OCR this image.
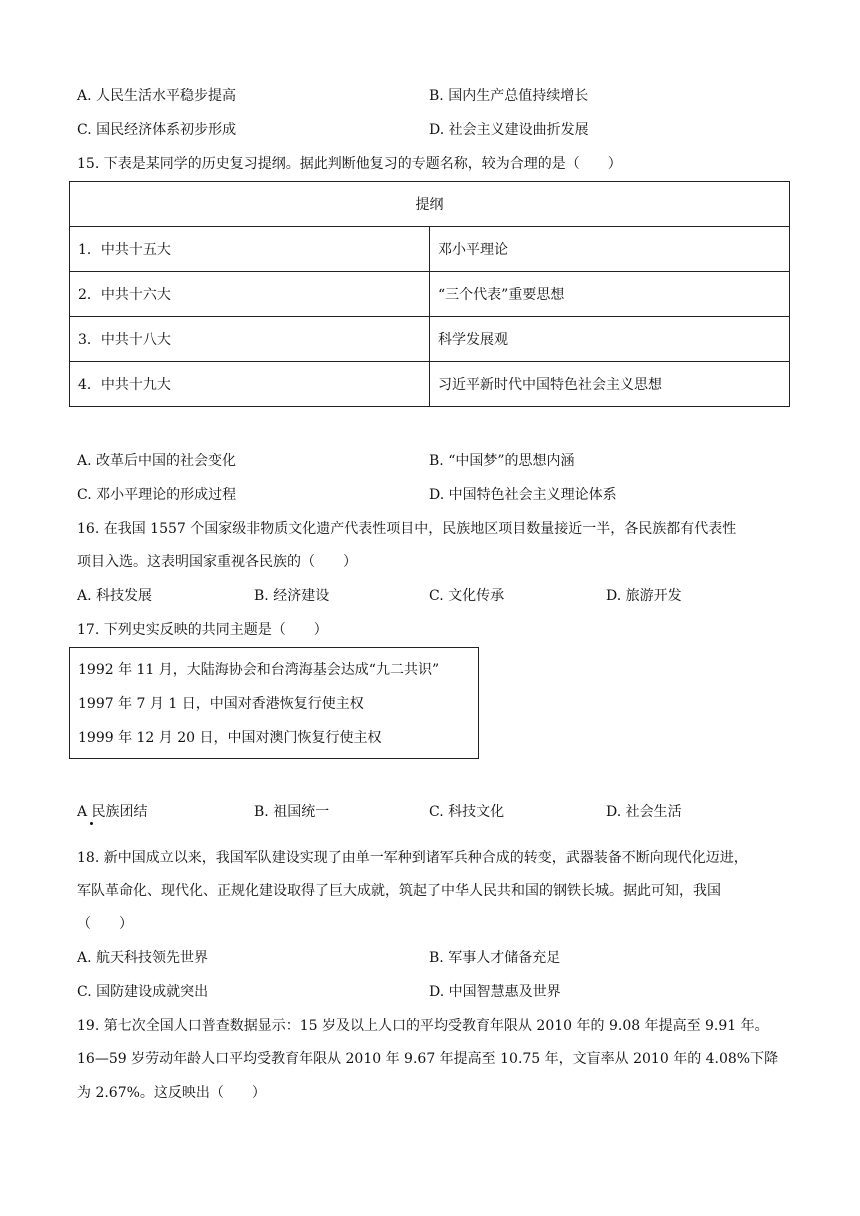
A. 人民生活水平稳步提高	B. 国内生产总值持续增长
C. 国民经济体系初步形成	D. 社会主义建设曲折发展
15. 下表是某同学的历史复习提纲。据此判断他复习的专题名称，较为合理的是（　　）
提纲	
1．中共十五大	邓小平理论
2．中共十六大	“三个代表”重要思想
3．中共十八大	科学发展观
4．中共十九大	习近平新时代中国特色社会主义思想
A. 改革后中国的社会变化	B. “中国梦”的思想内涵
C. 邓小平理论的形成过程	D. 中国特色社会主义理论体系
16. 在我国 1557 个国家级非物质文化遗产代表性项目中，民族地区项目数量接近一半，各民族都有代表性
项目入选。这表明国家重视各民族的（　　）
A. 科技发展	B. 经济建设	C. 文化传承	D. 旅游开发
17. 下列史实反映的共同主题是（　　）
1992 年 11 月，大陆海协会和台湾海基会达成“九二共识”
1997 年 7 月 1 日，中国对香港恢复行使主权
1999 年 12 月 20 日，中国对澳门恢复行使主权
A 民族团结	B. 祖国统一	C. 科技文化	D. 社会生活
18. 新中国成立以来，我国军队建设实现了由单一军种到诸军兵种合成的转变，武器装备不断向现代化迈进，
军队革命化、现代化、正规化建设取得了巨大成就，筑起了中华人民共和国的钢铁长城。据此可知，我国
（　　）
A. 航天科技领先世界	B. 军事人才储备充足
C. 国防建设成就突出	D. 中国智慧惠及世界
19. 第七次全国人口普查数据显示：15 岁及以上人口的平均受教育年限从 2010 年的 9.08 年提高至 9.91 年。
16—59 岁劳动年龄人口平均受教育年限从 2010 年 9.67 年提高至 10.75 年，文盲率从 2010 年的 4.08%下降
为 2.67%。这反映出（　　）
